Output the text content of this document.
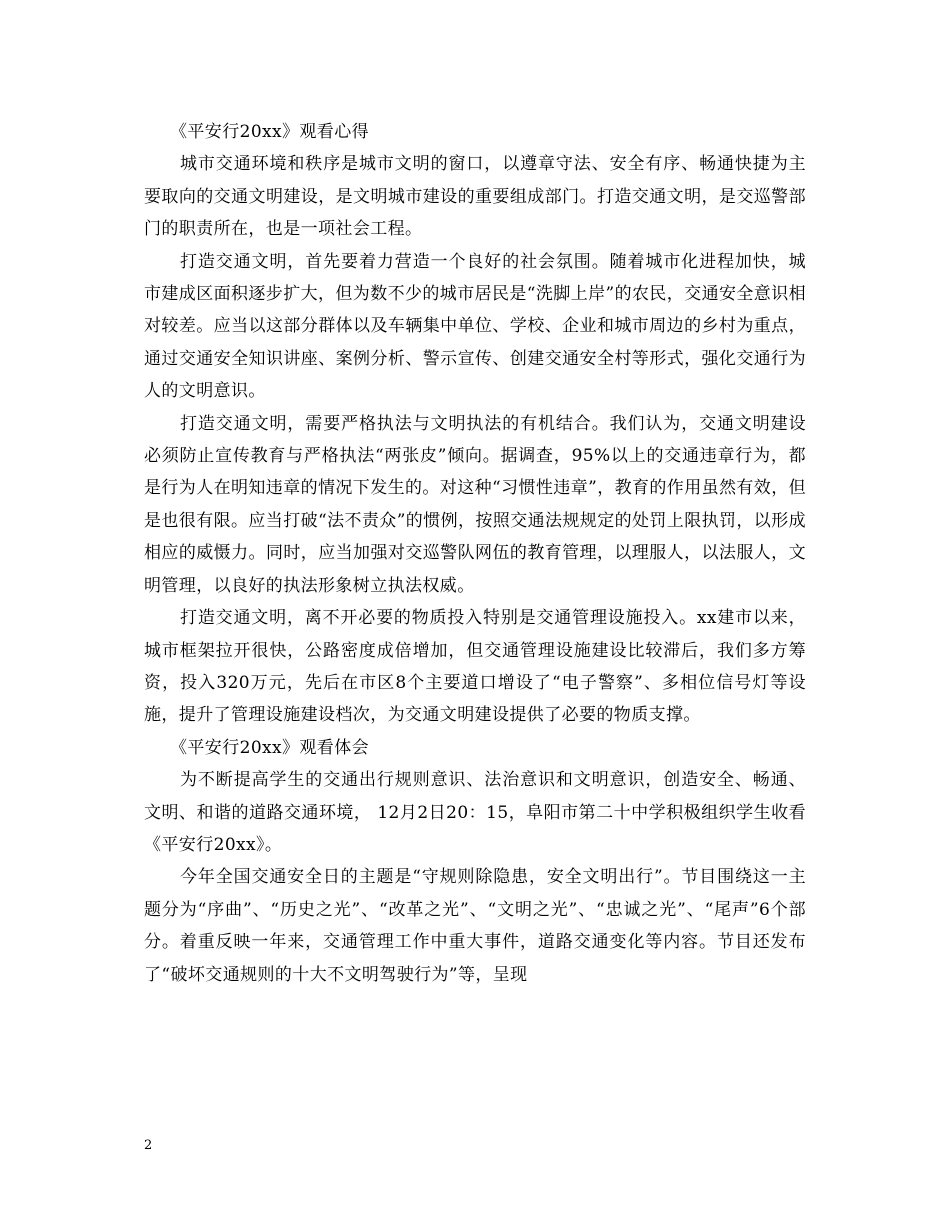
《平安行20xx》观看心得

城市交通环境和秩序是城市文明的窗口，以遵章守法、安全有序、畅通快捷为主要取向的交通文明建设，是文明城市建设的重要组成部门。打造交通文明，是交巡警部门的职责所在，也是一项社会工程。

打造交通文明，首先要着力营造一个良好的社会氛围。随着城市化进程加快，城市建成区面积逐步扩大，但为数不少的城市居民是“洗脚上岸”的农民，交通安全意识相对较差。应当以这部分群体以及车辆集中单位、学校、企业和城市周边的乡村为重点，通过交通安全知识讲座、案例分析、警示宣传、创建交通安全村等形式，强化交通行为人的文明意识。

打造交通文明，需要严格执法与文明执法的有机结合。我们认为，交通文明建设必须防止宣传教育与严格执法“两张皮”倾向。据调查，95%以上的交通违章行为，都是行为人在明知违章的情况下发生的。对这种“习惯性违章”，教育的作用虽然有效，但是也很有限。应当打破“法不责众”的惯例，按照交通法规规定的处罚上限执罚，以形成相应的威慑力。同时，应当加强对交巡警队网伍的教育管理，以理服人，以法服人，文明管理，以良好的执法形象树立执法权威。

打造交通文明，离不开必要的物质投入特别是交通管理设施投入。xx建市以来，城市框架拉开很快，公路密度成倍增加，但交通管理设施建设比较滞后，我们多方筹资，投入320万元，先后在市区8个主要道口增设了“电子警察”、多相位信号灯等设施，提升了管理设施建设档次，为交通文明建设提供了必要的物质支撑。

《平安行20xx》观看体会

为不断提高学生的交通出行规则意识、法治意识和文明意识，创造安全、畅通、文明、和谐的道路交通环境， 12月2日20：15，阜阳市第二十中学积极组织学生收看《平安行20xx》。

今年全国交通安全日的主题是“守规则除隐患，安全文明出行”。节目围绕这一主题分为“序曲”、“历史之光”、“改革之光”、“文明之光”、“忠诚之光”、“尾声”6个部分。着重反映一年来，交通管理工作中重大事件，道路交通变化等内容。节目还发布了“破坏交通规则的十大不文明驾驶行为”等，呈现

2
